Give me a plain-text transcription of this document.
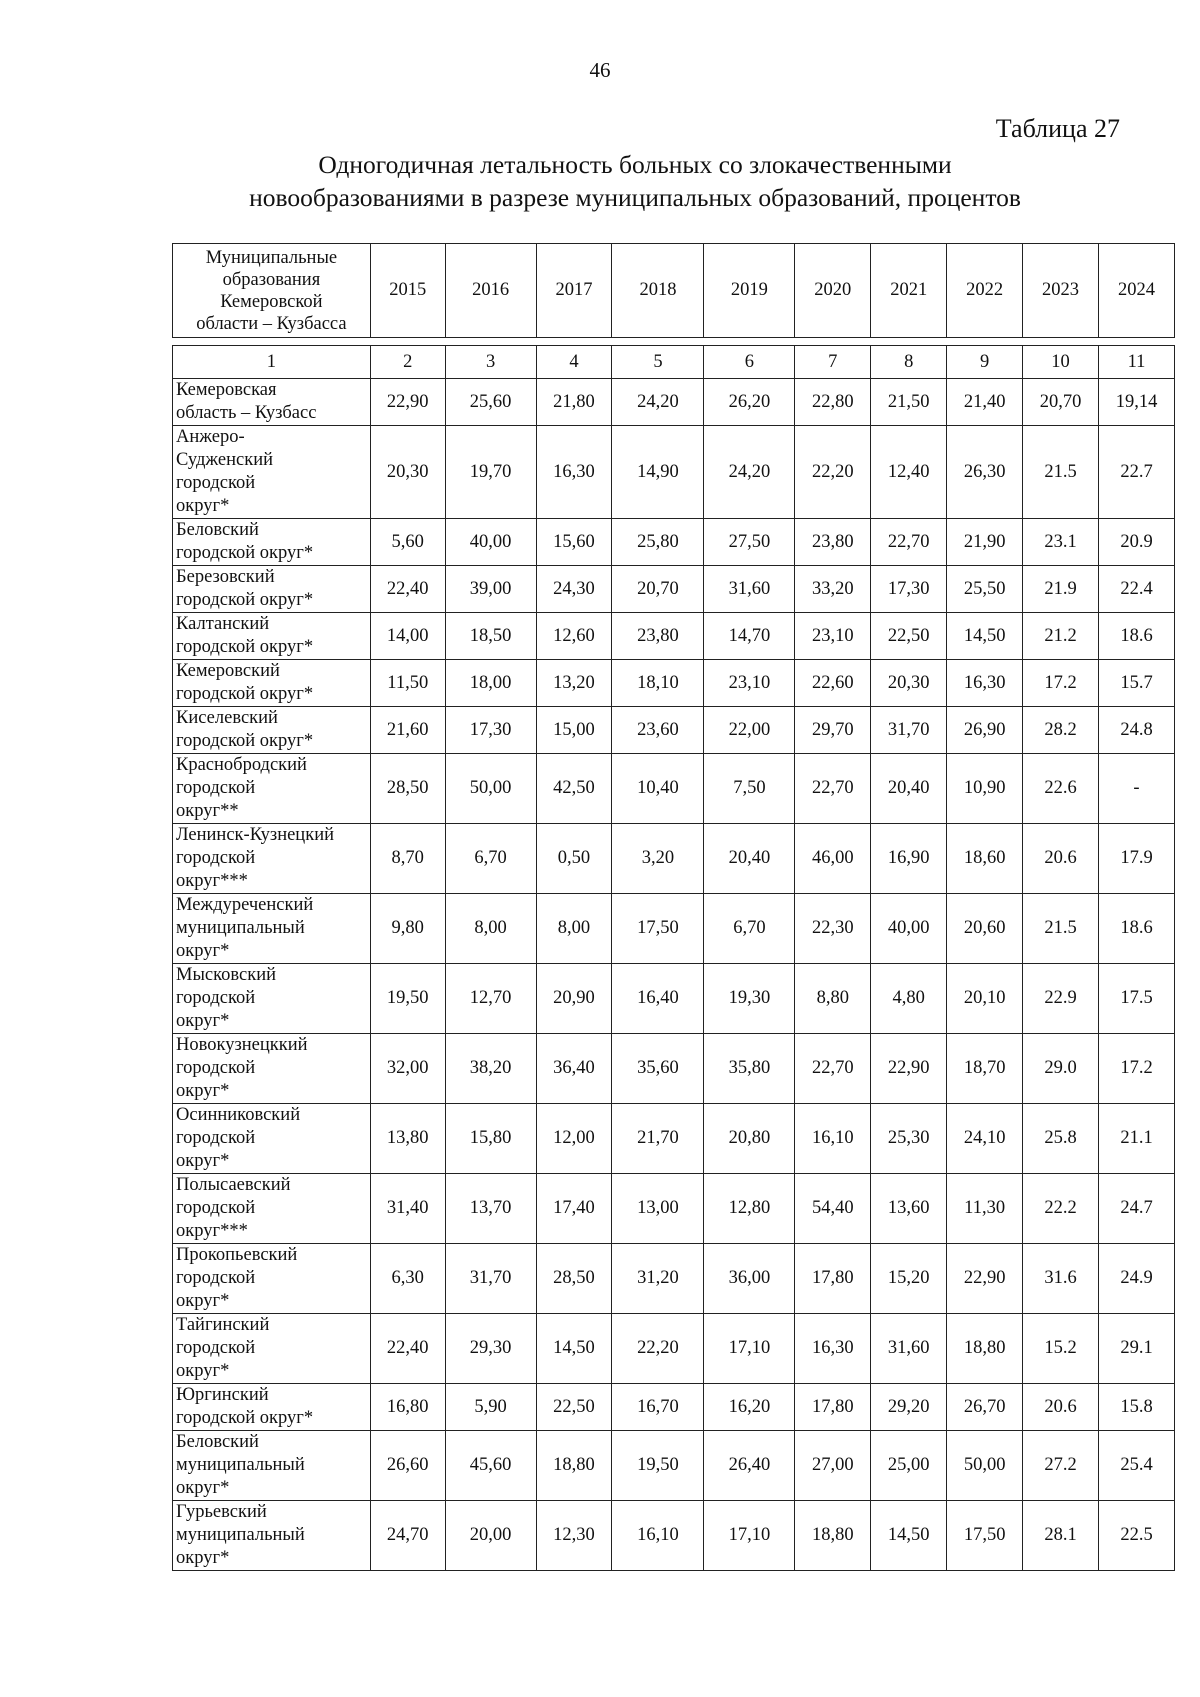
46
Таблица 27
Одногодичная летальность больных со злокачественными
новообразованиями в разрезе муниципальных образований, процентов
Муниципальные
образования
Кемеровской
области – Кузбасса
	2015	2016	2017	2018	2019	2020	2021	2022	2023	2024
1	2	3	4	5	6	7	8	9	10	11

Кемеровская
область – Кузбасс	22,90	25,60	21,80	24,20	26,20	22,80	21,50	21,40	20,70	19,14

Анжеро-
Судженский
городской
округ*	20,30	19,70	16,30	14,90	24,20	22,20	12,40	26,30	21.5	22.7

Беловский
городской округ*	5,60	40,00	15,60	25,80	27,50	23,80	22,70	21,90	23.1	20.9

Березовский
городской округ*	22,40	39,00	24,30	20,70	31,60	33,20	17,30	25,50	21.9	22.4

Калтанский
городской округ*	14,00	18,50	12,60	23,80	14,70	23,10	22,50	14,50	21.2	18.6

Кемеровский
городской округ*	11,50	18,00	13,20	18,10	23,10	22,60	20,30	16,30	17.2	15.7

Киселевский
городской округ*	21,60	17,30	15,00	23,60	22,00	29,70	31,70	26,90	28.2	24.8

Краснобродский
городской
округ**	28,50	50,00	42,50	10,40	7,50	22,70	20,40	10,90	22.6	-

Ленинск-Кузнецкий
городской
округ***	8,70	6,70	0,50	3,20	20,40	46,00	16,90	18,60	20.6	17.9

Междуреченский
муниципальный
округ*	9,80	8,00	8,00	17,50	6,70	22,30	40,00	20,60	21.5	18.6

Мысковский
городской
округ*	19,50	12,70	20,90	16,40	19,30	8,80	4,80	20,10	22.9	17.5

Новокузнецккий
городской
округ*	32,00	38,20	36,40	35,60	35,80	22,70	22,90	18,70	29.0	17.2

Осинниковский
городской
округ*	13,80	15,80	12,00	21,70	20,80	16,10	25,30	24,10	25.8	21.1

Полысаевский
городской
округ***	31,40	13,70	17,40	13,00	12,80	54,40	13,60	11,30	22.2	24.7

Прокопьевский
городской
округ*	6,30	31,70	28,50	31,20	36,00	17,80	15,20	22,90	31.6	24.9

Тайгинский
городской
округ*	22,40	29,30	14,50	22,20	17,10	16,30	31,60	18,80	15.2	29.1

Юргинский
городской округ*	16,80	5,90	22,50	16,70	16,20	17,80	29,20	26,70	20.6	15.8

Беловский
муниципальный
округ*	26,60	45,60	18,80	19,50	26,40	27,00	25,00	50,00	27.2	25.4

Гурьевский
муниципальный
округ*	24,70	20,00	12,30	16,10	17,10	18,80	14,50	17,50	28.1	22.5
